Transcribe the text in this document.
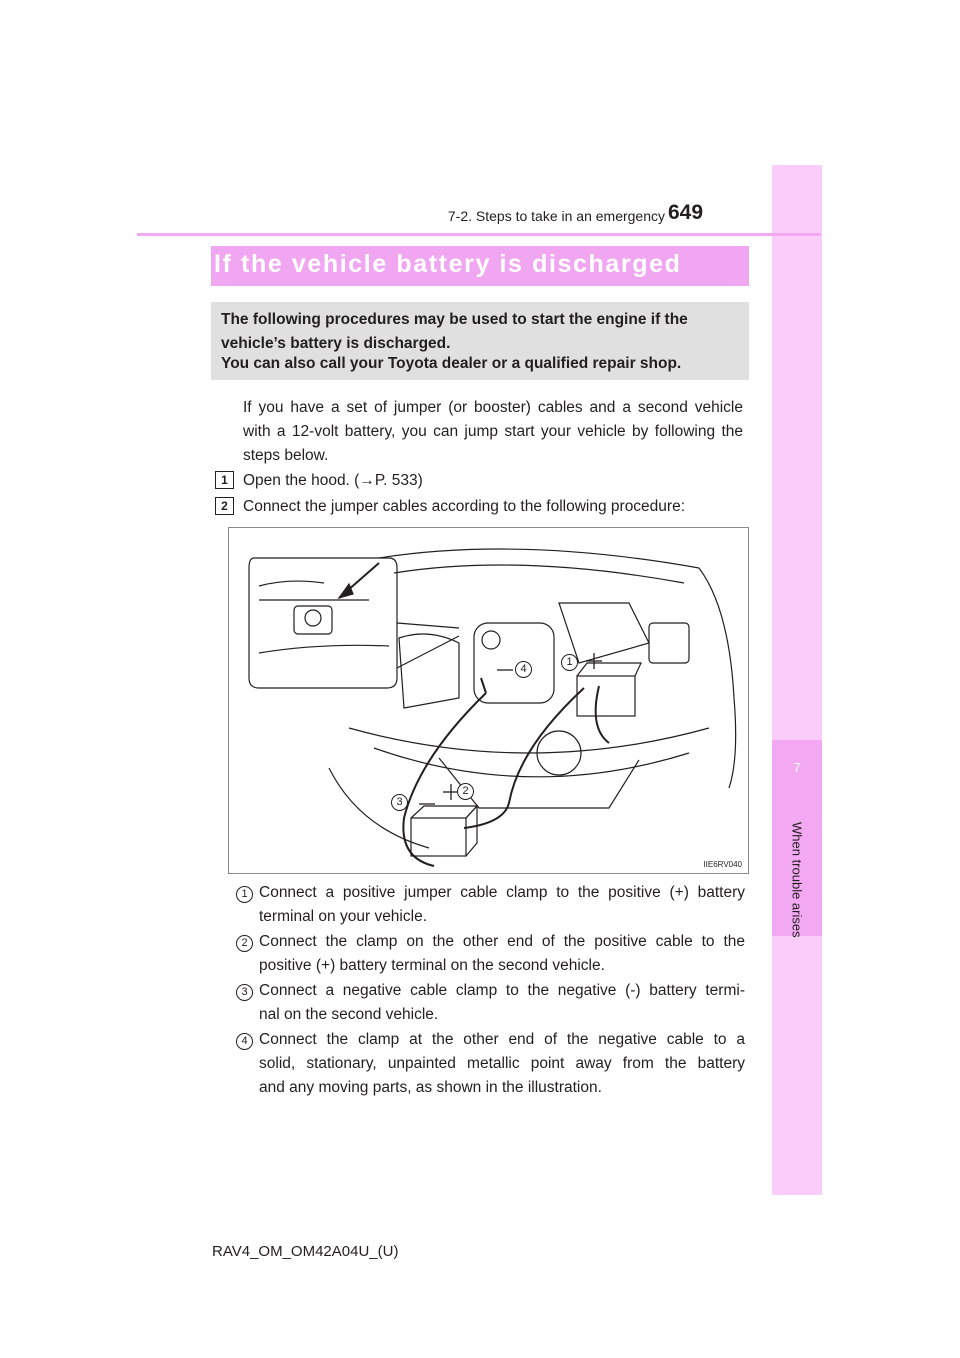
7
When trouble arises
7-2. Steps to take in an emergency 649
If the vehicle battery is discharged
The following procedures may be used to start the engine if the
vehicle’s battery is discharged.
You can also call your Toyota dealer or a qualified repair shop.
If you have a set of jumper (or booster) cables and a second vehicle
with a 12-volt battery, you can jump start your vehicle by following the
steps below.
1 Open the hood. (→P. 533)
2 Connect the jumper cables according to the following procedure:
4
1
2
3
IIE6RV040
1 Connect a positive jumper cable clamp to the positive (+) battery
terminal on your vehicle.
2 Connect the clamp on the other end of the positive cable to the
positive (+) battery terminal on the second vehicle.
3 Connect a negative cable clamp to the negative (-) battery termi-
nal on the second vehicle.
4 Connect the clamp at the other end of the negative cable to a
solid, stationary, unpainted metallic point away from the battery
and any moving parts, as shown in the illustration.
RAV4_OM_OM42A04U_(U)
